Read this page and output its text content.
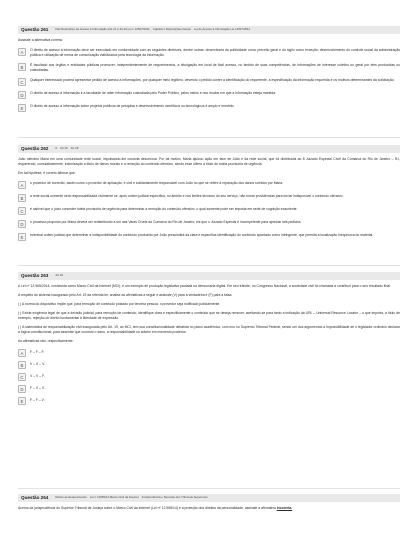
Questão 261 Das Restrições de Acesso à Informação arts 21 a 31 da Lei n 12527/2011 Capítulo I Disposições Gerais Lei de Acesso à Informação Lei 12527/2011
Assinale a alternativa correta:
A	O direito de acesso à informação deve ser executado em conformidade com as seguintes diretrizes, dentre outras: observância da publicidade como preceito geral e do sigilo como exceção; desenvolvimento do controle social da administração pública e utilização de meios de comunicação viabilizados pela tecnologia da informação.
B	É facultado aos órgãos e entidades públicas promover, independentemente de requerimentos, a divulgação em local de fácil acesso, no âmbito de suas competências, de informações de interesse coletivo ou geral por eles produzidas ou custodiadas.
C	Qualquer interessado poderá apresentar pedido de acesso a informações, por qualquer meio legítimo, devendo o pedido conter a identificação do requerente, a especificação da informação requerida e os motivos determinantes da solicitação.
D	O direito de acesso à informação é a faculdade de obter informação custodiada pelo Poder Público, pelos meios e nos modos em que a informação esteja mantida.
E	O direito de acesso à informação sobre projetos públicos de pesquisa e desenvolvimento científicos ou tecnológicos é amplo e irrestrito.
Questão 262 0 Art 16 Art 18
João ofendeu Maria em uma comunidade rede social, impulsando-lhe conduta desonrosa. Por tal motivo, Maria ajuizou ação em face de João e da rede social, que foi distribuída ao 8 Juizado Especial Cível da Comarca do Rio de Janeiro – RJ, requerendo, cumulativamente, indenização a título de danos morais e a remoção do conteúdo ofensivo, sendo esse último a título de tutela provisória de urgência.
Em tal hipótese, é correto afirmar que:
A	o provedor de conexão, assim como o provedor de aplicação, é civil e solidariamente responsável com João no que se refere à reparação dos danos sofridos por Maria.
B	a rede social somente será responsabilizada civilmente se, após ordem judicial específica, no âmbito e nos limites técnicos do seu serviço, não tomar providências para tornar indisponível o conteúdo ofensivo.
C	é cabível que o juízo conceder tutela provisória de urgência para determinar a remoção do conteúdo ofensivo, o qual somente pode ser imposta em sede de cognição exauriente.
D	o processo proposto por Maria deverá ser redistribuído a um das Varas Cíveis da Comarca do Rio de Janeiro, eis que o Juizado Especial é incompetente para apreciar tais pedidos.
E	eventual ordem judicial que determinar a indisponibilidade do conteúdo produzido por João prescindirá da clara e específica identificação do conteúdo apontado como infringente, que permita a localização inequívoca do material.
Questão 263 Art 19
A Lei nº 12.965/2014, conhecida como Marco Civil da Internet (MCI), é um exemplo de produção legislativa pautada na democracia digital. Em seu trâmite, no Congresso Nacional, a sociedade civil foi chamada a contribuir para o seu resultado final.
A respeito do sistema inaugurado pelo Art. 19 da referida lei, analise as afirmativas a seguir e assinale (V) para a verdadeira e (F) para a falsa.
( ) A norma do dispositivo implie que, para remoção de conteúdo postado por terceira pessoa, o provedor seja notificado judicialmente.
( ) Existe exigência legal de que a decisão judicial, para remoção de conteúdo, identifique clara e especificamente o conteúdo que se deseja remover, aceitando-se para tanto a indicação da URL – Universal Resource Locator – o que importa, a título de exemplo, rejeição do direito fundamental à liberdade de expressão.
( ) A sistemática de responsabilização civil inaugurada pelo Art. 19, do MCI, tem sua constitucionalidade debatida no plano acadêmico, com eco no Supremo Tribunal Federal, sendo um dos argumentos a impossibilidade de o legislador ordinário declarar a lógica constitucional, para assentar que ocorrido o dano, a responsabilidade só advém em momento posterior.
As afirmativas são, respectivamente:
A	F – F – F.
B	V – V – V.
C	V – V – F.
D	F – V – V.
E	F – F – V.
Questão 264 Direito ao Esquecimento Lei n 12965/14 Marco Civil da Internet Jurisprudência e Súmulas dos Tribunais Superiores
Acerca da jurisprudência do Superior Tribunal de Justiça sobre o Marco Civil da Internet (Lei nº 12.965/14) e a proteção dos direitos da personalidade, assinale a afirmativa incorreta.
